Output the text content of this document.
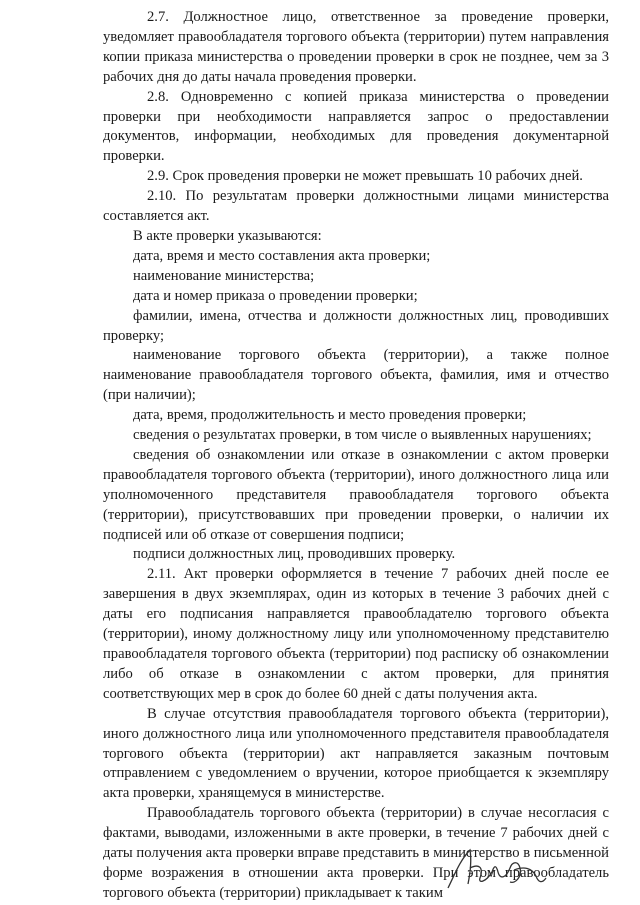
2.7. Должностное лицо, ответственное за проведение проверки, уведомляет правообладателя торгового объекта (территории) путем направления копии приказа министерства о проведении проверки в срок не позднее, чем за 3 рабочих дня до даты начала проведения проверки.

2.8. Одновременно с копией приказа министерства о проведении проверки при необходимости направляется запрос о предоставлении документов, информации, необходимых для проведения документарной проверки.

2.9. Срок проведения проверки не может превышать 10 рабочих дней.

2.10. По результатам проверки должностными лицами министерства составляется акт.

В акте проверки указываются:

дата, время и место составления акта проверки;

наименование министерства;

дата и номер приказа о проведении проверки;

фамилии, имена, отчества и должности должностных лиц, проводивших проверку;

наименование торгового объекта (территории), а также полное наименование правообладателя торгового объекта, фамилия, имя и отчество (при наличии);

дата, время, продолжительность и место проведения проверки;

сведения о результатах проверки, в том числе о выявленных нарушениях;

сведения об ознакомлении или отказе в ознакомлении с актом проверки правообладателя торгового объекта (территории), иного должностного лица или уполномоченного представителя правообладателя торгового объекта (территории), присутствовавших при проведении проверки, о наличии их подписей или об отказе от совершения подписи;

подписи должностных лиц, проводивших проверку.

2.11. Акт проверки оформляется в течение 7 рабочих дней после ее завершения в двух экземплярах, один из которых в течение 3 рабочих дней с даты его подписания направляется правообладателю торгового объекта (территории), иному должностному лицу или уполномоченному представителю правообладателя торгового объекта (территории) под расписку об ознакомлении либо об отказе в ознакомлении с актом проверки, для принятия соответствующих мер в срок до более 60 дней с даты получения акта.

В случае отсутствия правообладателя торгового объекта (территории), иного должностного лица или уполномоченного представителя правообладателя торгового объекта (территории) акт направляется заказным почтовым отправлением с уведомлением о вручении, которое приобщается к экземпляру акта проверки, хранящемуся в министерстве.

Правообладатель торгового объекта (территории) в случае несогласия с фактами, выводами, изложенными в акте проверки, в течение 7 рабочих дней с даты получения акта проверки вправе представить в министерство в письменной форме возражения в отношении акта проверки. При этом правообладатель торгового объекта (территории) прикладывает к таким
